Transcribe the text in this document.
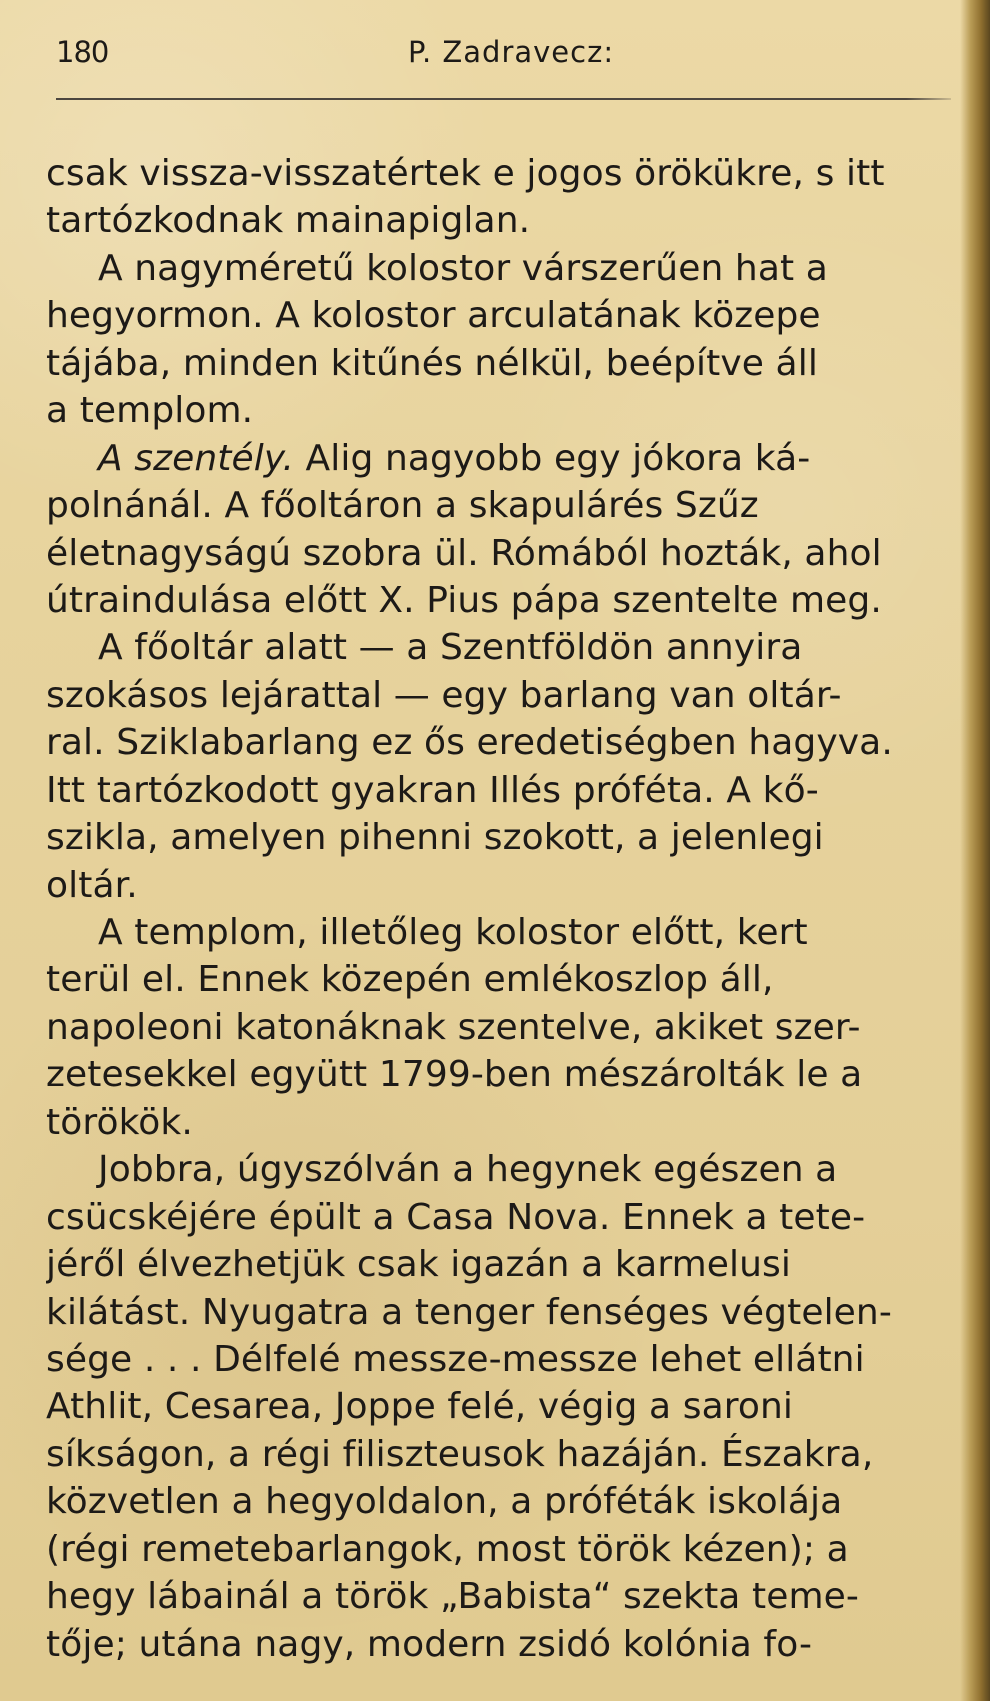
180	P. Zadravecz:
csak vissza-visszatértek e jogos örökükre, s itt
tartózkodnak mainapiglan.
A nagyméretű kolostor várszerűen hat a
hegyormon. A kolostor arculatának közepe
tájába, minden kitűnés nélkül, beépítve áll
a templom.
A szentély. Alig nagyobb egy jókora ká-
polnánál. A főoltáron a skapulárés Szűz
életnagyságú szobra ül. Rómából hozták, ahol
útraindulása előtt X. Pius pápa szentelte meg.
A főoltár alatt — a Szentföldön annyira
szokásos lejárattal — egy barlang van oltár-
ral. Sziklabarlang ez ős eredetiségben hagyva.
Itt tartózkodott gyakran Illés próféta. A kő-
szikla, amelyen pihenni szokott, a jelenlegi
oltár.
A templom, illetőleg kolostor előtt, kert
terül el. Ennek közepén emlékoszlop áll,
napoleoni katonáknak szentelve, akiket szer-
zetesekkel együtt 1799-ben mészárolták le a
törökök.
Jobbra, úgyszólván a hegynek egészen a
csücskéjére épült a Casa Nova. Ennek a tete-
jéről élvezhetjük csak igazán a karmelusi
kilátást. Nyugatra a tenger fenséges végtelen-
sége . . . Délfelé messze-messze lehet ellátni
Athlit, Cesarea, Joppe felé, végig a saroni
síkságon, a régi filiszteusok hazáján. Északra,
közvetlen a hegyoldalon, a próféták iskolája
(régi remetebarlangok, most török kézen); a
hegy lábainál a török „Babista“ szekta teme-
tője; utána nagy, modern zsidó kolónia fo-
